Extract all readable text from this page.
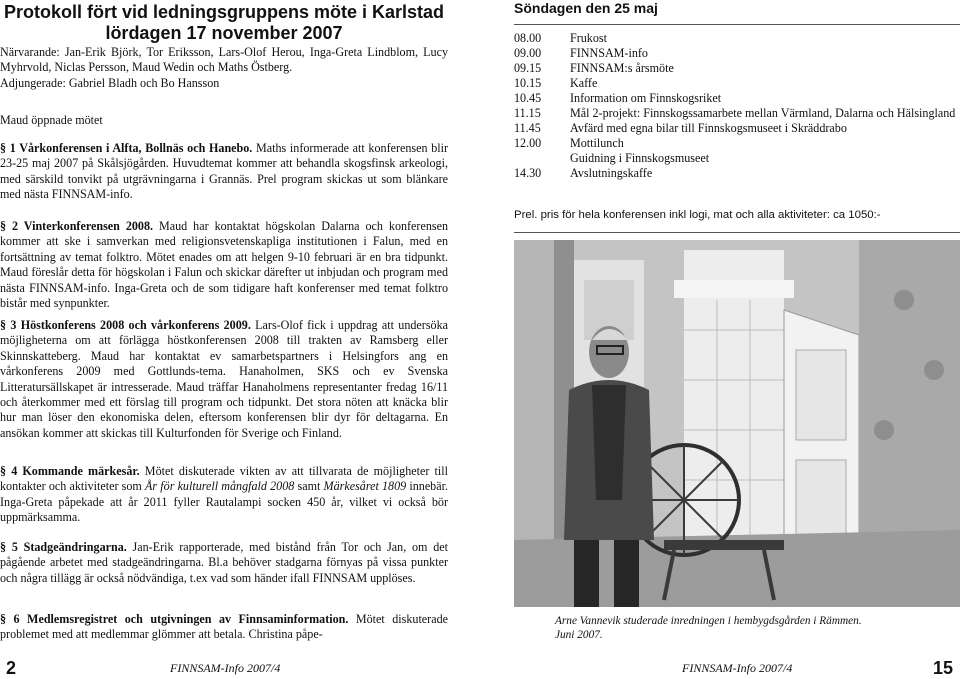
Protokoll fört vid ledningsgruppens möte i Karlstad
lördagen 17 november 2007

Närvarande: Jan-Erik Björk, Tor Eriksson, Lars-Olof Herou, Inga-Greta Lindblom, Lucy Myhrvold, Niclas Persson, Maud Wedin och Maths Östberg.

Adjungerade: Gabriel Bladh och Bo Hansson

Maud öppnade mötet

§ 1 Vårkonferensen i Alfta, Bollnäs och Hanebo. Maths informerade att konferensen blir 23-25 maj 2007 på Skålsjögården. Huvudtemat kommer att behandla skogsfinsk arkeologi, med särskild tonvikt på utgrävningarna i Grannäs. Prel program skickas ut som blänkare med nästa FINNSAM-info.

§ 2 Vinterkonferensen 2008. Maud har kontaktat högskolan Dalarna och konferensen kommer att ske i samverkan med religionsvetenskapliga institutionen i Falun, med en fortsättning av temat folktro. Mötet enades om att helgen 9-10 februari är en bra tidpunkt. Maud föreslår detta för högskolan i Falun och skickar därefter ut inbjudan och program med nästa FINNSAM-info. Inga-Greta och de som tidigare haft konferenser med temat folktro bistår med synpunkter.

§ 3 Höstkonferens 2008 och vårkonferens 2009. Lars-Olof fick i uppdrag att undersöka möjligheterna om att förlägga höstkonferensen 2008 till trakten av Ramsberg eller Skinnskatteberg. Maud har kontaktat ev samarbetspartners i Helsingfors ang en vårkonferens 2009 med Gottlunds-tema. Hanaholmen, SKS och ev Svenska Litteratursällskapet är intresserade. Maud träffar Hanaholmens representanter fredag 16/11 och återkommer med ett förslag till program och tidpunkt. Det stora nöten att knäcka blir hur man löser den ekonomiska delen, eftersom konferensen blir dyr för deltagarna. En ansökan kommer att skickas till Kulturfonden för Sverige och Finland.

§ 4 Kommande märkesår. Mötet diskuterade vikten av att tillvarata de möjligheter till kontakter och aktiviteter som År för kulturell mångfald 2008 samt Märkesåret 1809 innebär. Inga-Greta påpekade att år 2011 fyller Rautalampi socken 450 år, vilket vi också bör uppmärksamma.

§ 5 Stadgeändringarna. Jan-Erik rapporterade, med bistånd från Tor och Jan, om det pågående arbetet med stadgeändringarna. Bl.a behöver stadgarna förnyas på vissa punkter och några tillägg är också nödvändiga, t.ex vad som händer ifall FINNSAM upplöses.

§ 6 Medlemsregistret och utgivningen av Finnsaminformation. Mötet diskuterade problemet med att medlemmar glömmer att betala. Christina påpe-

Söndagen den 25 maj

08.00	Frukost
09.00	FINNSAM-info
09.15	FINNSAM:s årsmöte
10.15	Kaffe
10.45	Information om Finnskogsriket
11.15	Mål 2-projekt: Finnskogssamarbete mellan Värmland, Dalarna och Hälsingland
11.45	Avfärd med egna bilar till Finnskogsmuseet i Skräddrabo
12.00	Mottilunch
Guidning i Finnskogsmuseet
14.30	Avslutningskaffe
Prel. pris för hela konferensen inkl logi, mat och alla aktiviteter: ca 1050:-
Arne Vannevik studerade inredningen i hembygdsgården i Rämmen.
Juni 2007.
2	FINNSAM-Info 2007/4	FINNSAM-Info 2007/4	15
